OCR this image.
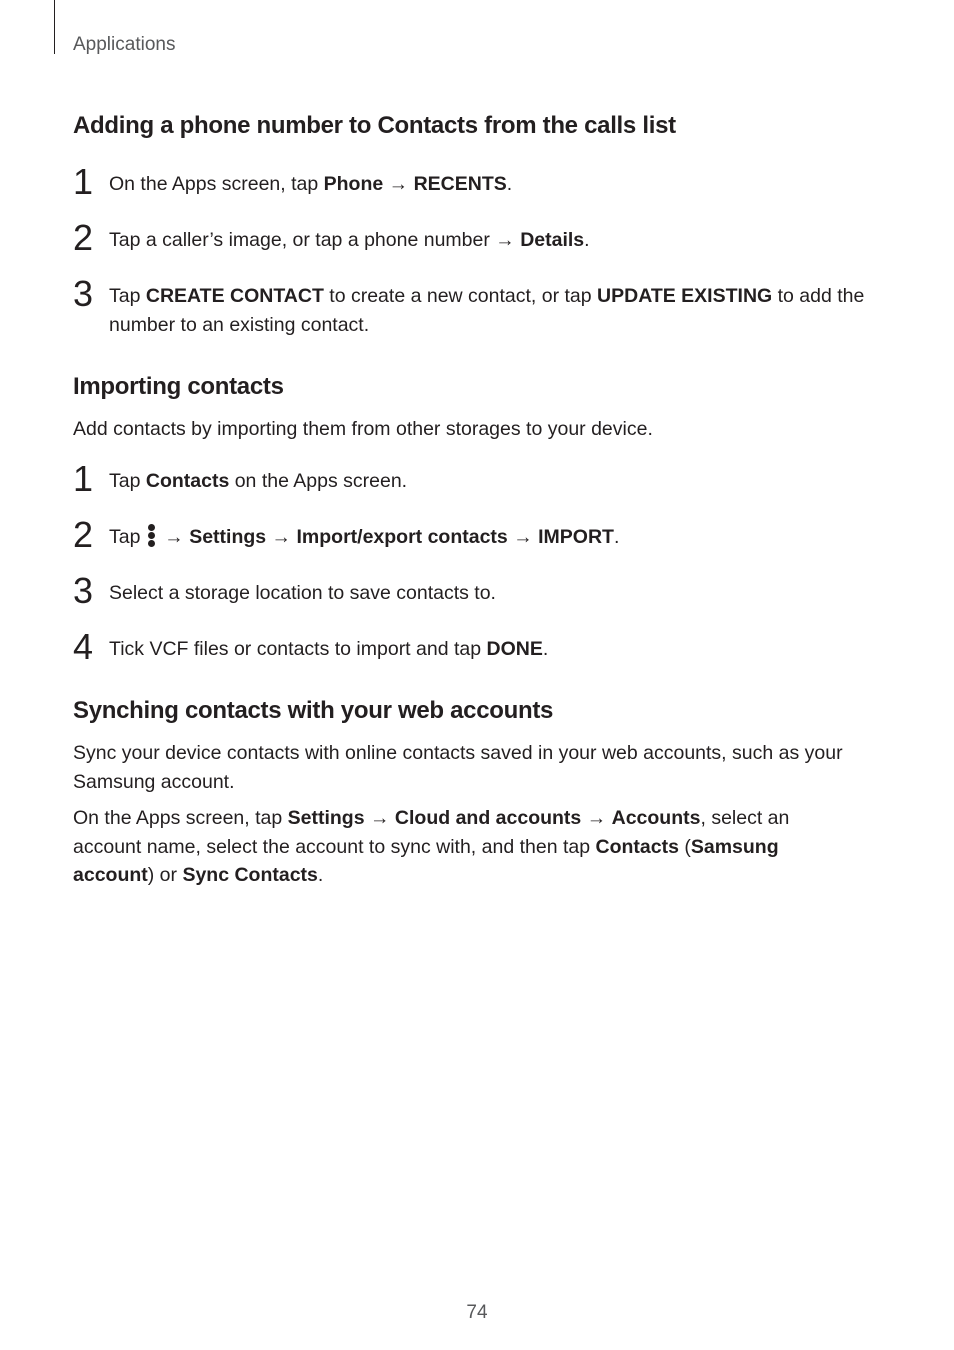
Applications
Adding a phone number to Contacts from the calls list
1 On the Apps screen, tap Phone → RECENTS.
2 Tap a caller’s image, or tap a phone number → Details.
3 Tap CREATE CONTACT to create a new contact, or tap UPDATE EXISTING to add the number to an existing contact.
Importing contacts
Add contacts by importing them from other storages to your device.
1 Tap Contacts on the Apps screen.
2 Tap
→ Settings → Import/export contacts → IMPORT.
3 Select a storage location to save contacts to.
4 Tick VCF files or contacts to import and tap DONE.
Synching contacts with your web accounts
Sync your device contacts with online contacts saved in your web accounts, such as your Samsung account.
On the Apps screen, tap Settings → Cloud and accounts → Accounts, select an account name, select the account to sync with, and then tap Contacts (Samsung account) or Sync Contacts.
74
